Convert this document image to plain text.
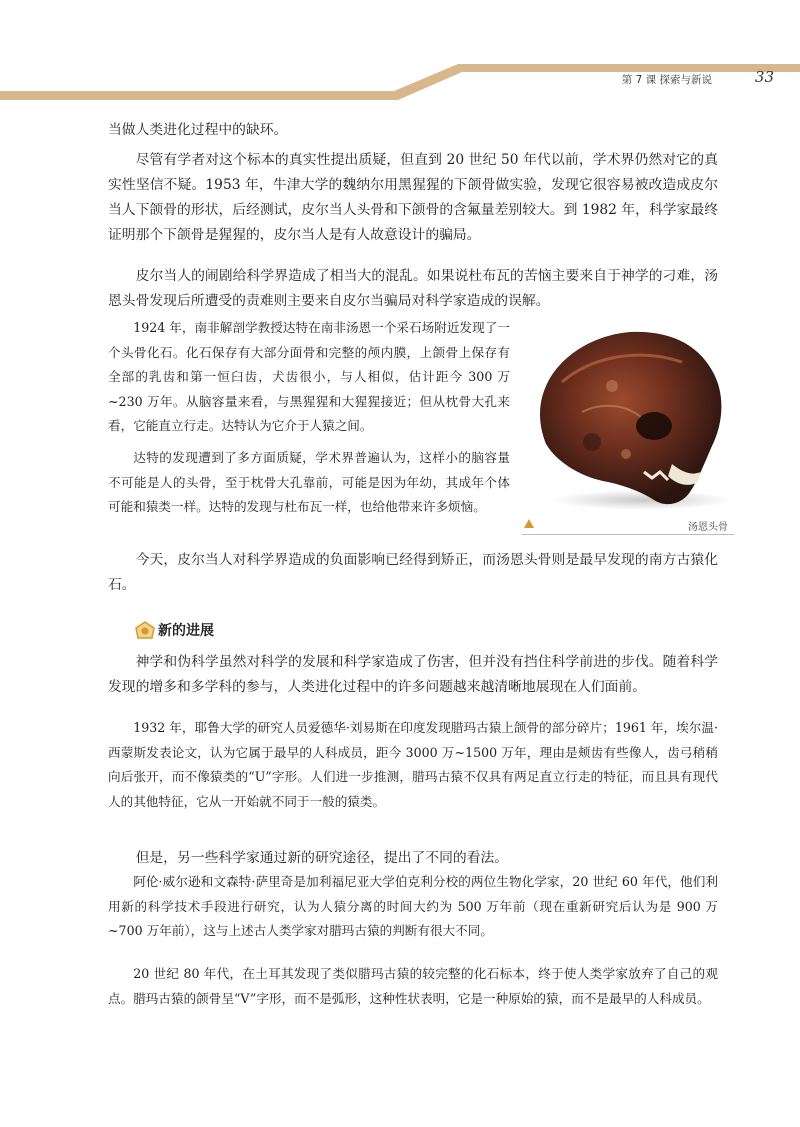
第 7 课 探索与新说	33

当做人类进化过程中的缺环。

尽管有学者对这个标本的真实性提出质疑，但直到 20 世纪 50 年代以前，学术界仍然对它的真实性坚信不疑。1953 年，牛津大学的魏纳尔用黑猩猩的下颌骨做实验，发现它很容易被改造成皮尔当人下颌骨的形状，后经测试，皮尔当人头骨和下颌骨的含氟量差别较大。到 1982 年，科学家最终证明那个下颌骨是猩猩的，皮尔当人是有人故意设计的骗局。

皮尔当人的闹剧给科学界造成了相当大的混乱。如果说杜布瓦的苦恼主要来自于神学的刁难，汤恩头骨发现后所遭受的责难则主要来自皮尔当骗局对科学家造成的误解。

1924 年，南非解剖学教授达特在南非汤恩一个采石场附近发现了一个头骨化石。化石保存有大部分面骨和完整的颅内膜，上颌骨上保存有全部的乳齿和第一恒臼齿，犬齿很小，与人相似，估计距今 300 万~230 万年。从脑容量来看，与黑猩猩和大猩猩接近；但从枕骨大孔来看，它能直立行走。达特认为它介于人猿之间。

达特的发现遭到了多方面质疑，学术界普遍认为，这样小的脑容量不可能是人的头骨，至于枕骨大孔靠前，可能是因为年幼，其成年个体可能和猿类一样。达特的发现与杜布瓦一样，也给他带来许多烦恼。

今天，皮尔当人对科学界造成的负面影响已经得到矫正，而汤恩头骨则是最早发现的南方古猿化石。

汤恩头骨
新的进展

神学和伪科学虽然对科学的发展和科学家造成了伤害，但并没有挡住科学前进的步伐。随着科学发现的增多和多学科的参与，人类进化过程中的许多问题越来越清晰地展现在人们面前。

1932 年，耶鲁大学的研究人员爱德华·刘易斯在印度发现腊玛古猿上颌骨的部分碎片；1961 年，埃尔温·西蒙斯发表论文，认为它属于最早的人科成员，距今 3000 万~1500 万年，理由是颊齿有些像人，齿弓稍稍向后张开，而不像猿类的“U”字形。人们进一步推测，腊玛古猿不仅具有两足直立行走的特征，而且具有现代人的其他特征，它从一开始就不同于一般的猿类。

但是，另一些科学家通过新的研究途径，提出了不同的看法。

阿伦·威尔逊和文森特·萨里奇是加利福尼亚大学伯克利分校的两位生物化学家，20 世纪 60 年代，他们利用新的科学技术手段进行研究，认为人猿分离的时间大约为 500 万年前（现在重新研究后认为是 900 万~700 万年前），这与上述古人类学家对腊玛古猿的判断有很大不同。

20 世纪 80 年代，在土耳其发现了类似腊玛古猿的较完整的化石标本，终于使人类学家放弃了自己的观点。腊玛古猿的颌骨呈“V”字形，而不是弧形，这种性状表明，它是一种原始的猿，而不是最早的人科成员。
